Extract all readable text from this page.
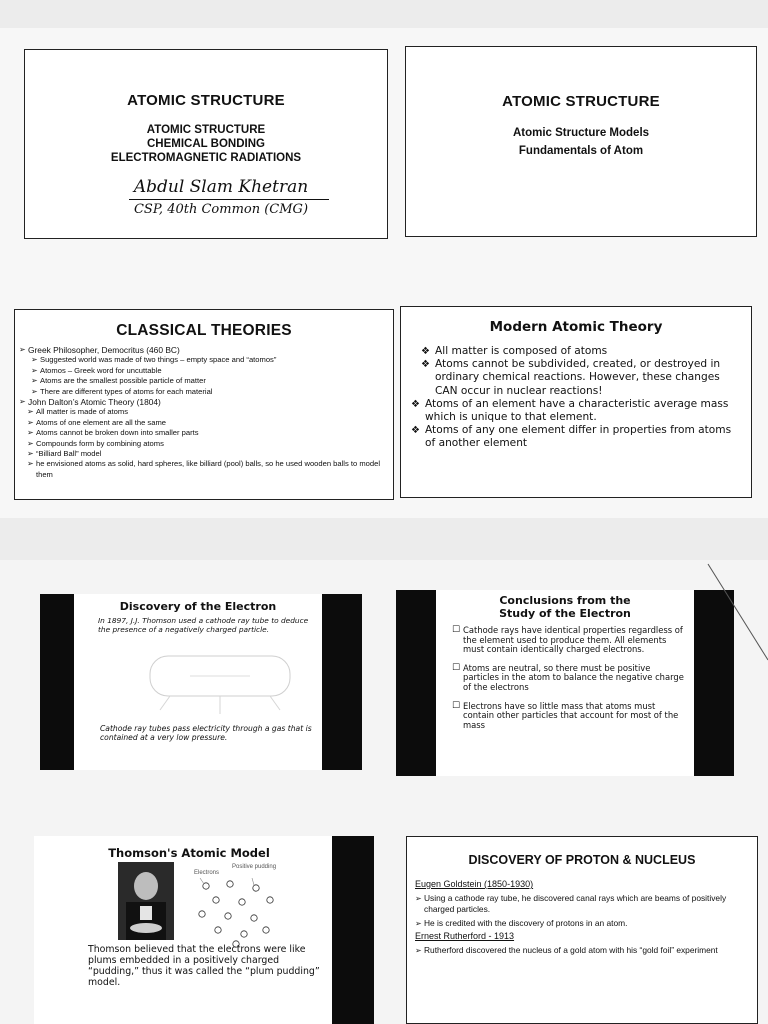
ATOMIC STRUCTURE
ATOMIC STRUCTURE
CHEMICAL BONDING
ELECTROMAGNETIC RADIATIONS
Abdul Slam Khetran
CSP, 40th Common (CMG)
ATOMIC STRUCTURE
Atomic Structure Models
Fundamentals of Atom
CLASSICAL THEORIES
➢ Greek Philosopher, Democritus (460 BC)
➢ Suggested world was made of two things – empty space and “atomos”
➢ Atomos – Greek word for uncuttable
➢ Atoms are the smallest possible particle of matter
➢ There are different types of atoms for each material
➢ John Dalton’s Atomic Theory (1804)
➢ All matter is made of atoms
➢ Atoms of one element are all the same
➢ Atoms cannot be broken down into smaller parts
➢ Compounds form by combining atoms
➢ “Billiard Ball” model
➢ he envisioned atoms as solid, hard spheres, like billiard (pool) balls, so he used wooden balls to model them
Modern Atomic Theory
❖ All matter is composed of atoms
❖ Atoms cannot be subdivided, created, or destroyed in ordinary chemical reactions. However, these changes CAN occur in nuclear reactions!
❖ Atoms of an element have a characteristic average mass which is unique to that element.
❖ Atoms of any one element differ in properties from atoms of another element
Discovery of the Electron
In 1897, J.J. Thomson used a cathode ray tube to deduce the presence of a negatively charged particle.
Cathode ray tubes pass electricity through a gas that is contained at a very low pressure.
Conclusions from the
Study of the Electron
☐ Cathode rays have identical properties regardless of the element used to produce them. All elements must contain identically charged electrons.
☐ Atoms are neutral, so there must be positive particles in the atom to balance the negative charge of the electrons
☐ Electrons have so little mass that atoms must contain other particles that account for most of the mass
Thomson's Atomic Model
Electrons
Positive pudding
Thomson believed that the electrons were like plums embedded in a positively charged “pudding,” thus it was called the “plum pudding” model.
DISCOVERY OF PROTON & NUCLEUS
Eugen Goldstein (1850-1930)
➢ Using a cathode ray tube, he discovered canal rays which are beams of positively charged particles.
➢ He is credited with the discovery of protons in an atom.
Ernest Rutherford - 1913
➢ Rutherford discovered the nucleus of a gold atom with his “gold foil” experiment
